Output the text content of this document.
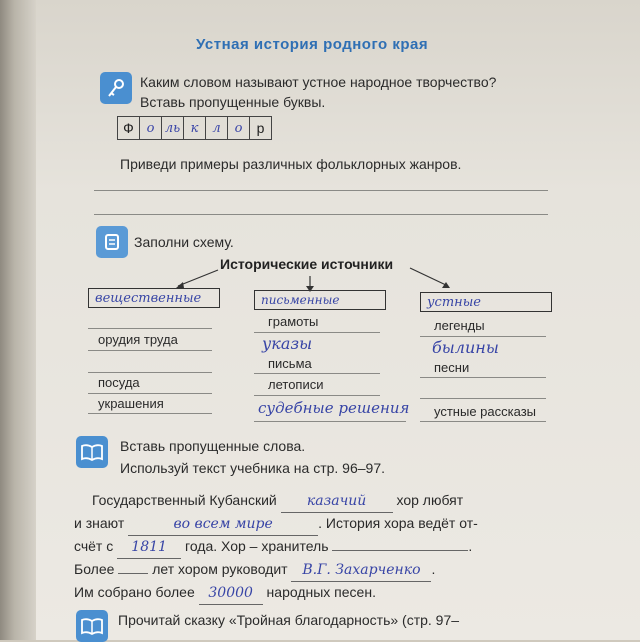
Устная история родного края
Каким словом называют устное народное творчество?
Вставь пропущенные буквы.
Ф о ль к	л	о	р
Приведи примеры различных фольклорных жанров.
Заполни схему.
Исторические источники
вещественные
орудия труда
посуда
украшения
письменные
грамоты
указы
письма
летописи
судебные решения
устные
легенды
былины
песни
устные рассказы
Вставь пропущенные слова.
Используй текст учебника на стр. 96–97.
Государственный Кубанский казачий хор любят
и знают	во всем мире	. История хора ведёт от-
счёт с 1811 года. Хор – хранитель	.
Более	лет хором руководит В.Г. Захарченко .
Им собрано более 30000 народных песен.
Прочитай сказку «Тройная благодарность» (стр. 97–
